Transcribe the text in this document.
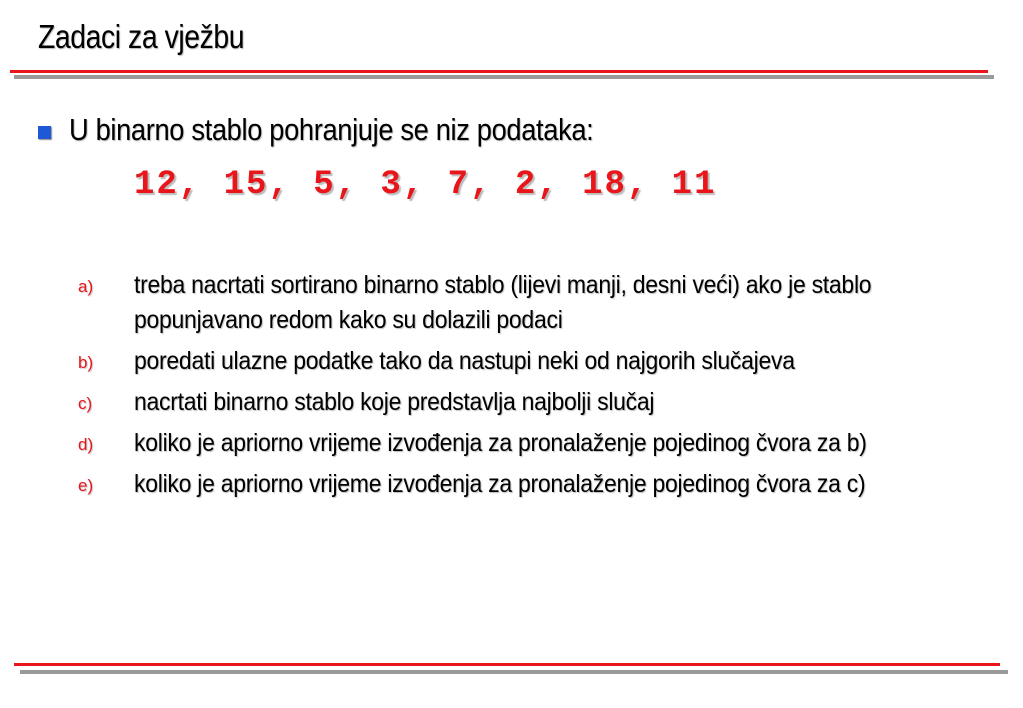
Zadaci za vježbu
U binarno stablo pohranjuje se niz podataka:
12, 15, 5, 3, 7, 2, 18, 11
a)	treba nacrtati sortirano binarno stablo (lijevi manji, desni veći) ako je stablo popunjavano redom kako su dolazili podaci
b)	poredati ulazne podatke tako da nastupi neki od najgorih slučajeva
c)	nacrtati binarno stablo koje predstavlja najbolji slučaj
d)	koliko je apriorno vrijeme izvođenja za pronalaženje pojedinog čvora za b)
e)	koliko je apriorno vrijeme izvođenja za pronalaženje pojedinog čvora za c)
